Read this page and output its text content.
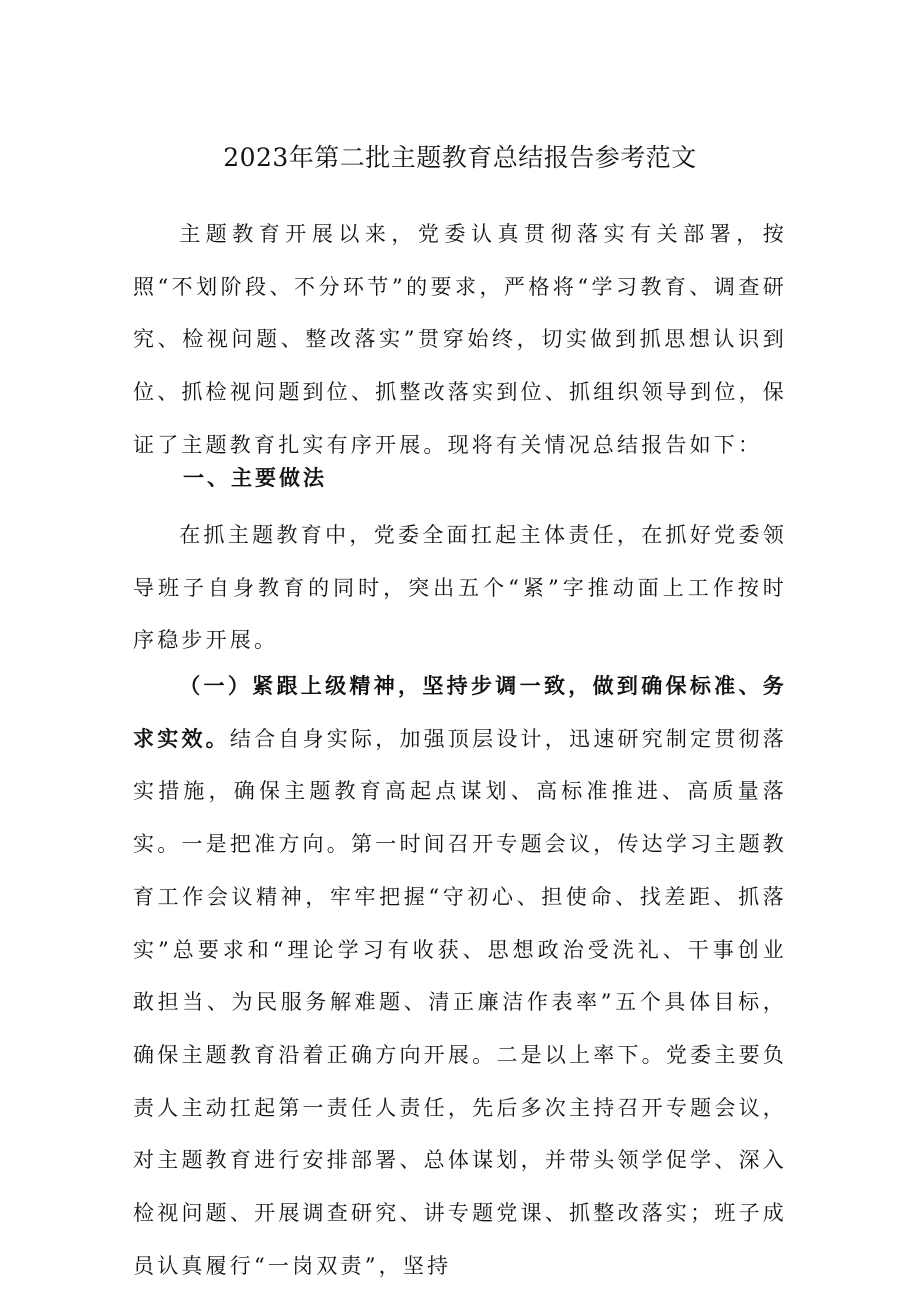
2023年第二批主题教育总结报告参考范文

主题教育开展以来，党委认真贯彻落实有关部署，按照“不划阶段、不分环节”的要求，严格将“学习教育、调查研究、检视问题、整改落实”贯穿始终，切实做到抓思想认识到位、抓检视问题到位、抓整改落实到位、抓组织领导到位，保证了主题教育扎实有序开展。现将有关情况总结报告如下：

一、主要做法

在抓主题教育中，党委全面扛起主体责任，在抓好党委领导班子自身教育的同时，突出五个“紧”字推动面上工作按时序稳步开展。

（一）紧跟上级精神，坚持步调一致，做到确保标准、务求实效。结合自身实际，加强顶层设计，迅速研究制定贯彻落实措施，确保主题教育高起点谋划、高标准推进、高质量落实。一是把准方向。第一时间召开专题会议，传达学习主题教育工作会议精神，牢牢把握“守初心、担使命、找差距、抓落实”总要求和“理论学习有收获、思想政治受洗礼、干事创业敢担当、为民服务解难题、清正廉洁作表率”五个具体目标，确保主题教育沿着正确方向开展。二是以上率下。党委主要负责人主动扛起第一责任人责任，先后多次主持召开专题会议，对主题教育进行安排部署、总体谋划，并带头领学促学、深入检视问题、开展调查研究、讲专题党课、抓整改落实；班子成员认真履行“一岗双责”，坚持
